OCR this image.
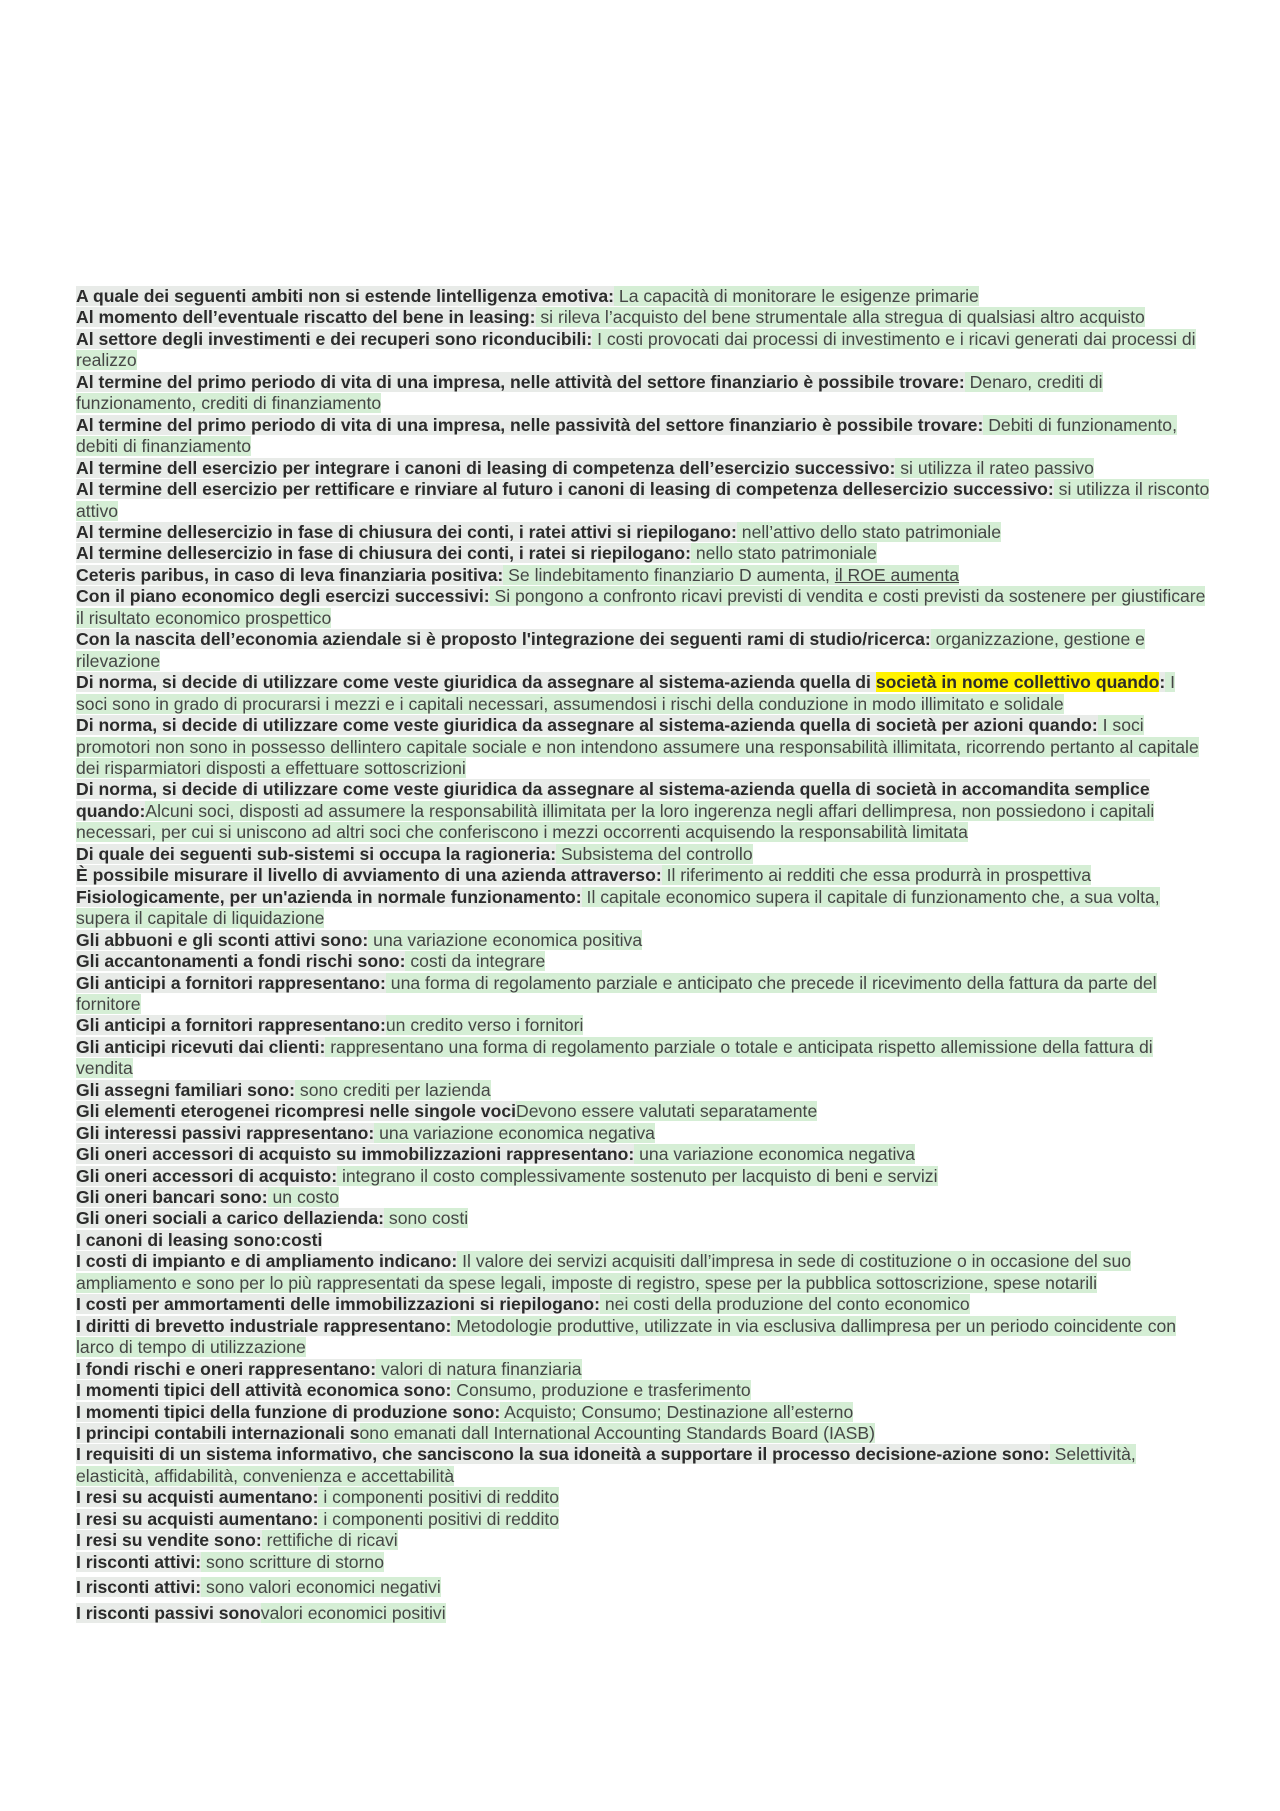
A quale dei seguenti ambiti non si estende lintelligenza emotiva: La capacità di monitorare le esigenze primarie

Al momento dell’eventuale riscatto del bene in leasing: si rileva l’acquisto del bene strumentale alla stregua di qualsiasi altro acquisto

Al settore degli investimenti e dei recuperi sono riconducibili: I costi provocati dai processi di investimento e i ricavi generati dai processi di realizzo

Al termine del primo periodo di vita di una impresa, nelle attività del settore finanziario è possibile trovare: Denaro, crediti di funzionamento, crediti di finanziamento

Al termine del primo periodo di vita di una impresa, nelle passività del settore finanziario è possibile trovare: Debiti di funzionamento, debiti di finanziamento

Al termine dell esercizio per integrare i canoni di leasing di competenza dell’esercizio successivo: si utilizza il rateo passivo

Al termine dell esercizio per rettificare e rinviare al futuro i canoni di leasing di competenza dellesercizio successivo: si utilizza il risconto attivo

Al termine dellesercizio in fase di chiusura dei conti, i ratei attivi si riepilogano: nell’attivo dello stato patrimoniale

Al termine dellesercizio in fase di chiusura dei conti, i ratei si riepilogano: nello stato patrimoniale

Ceteris paribus, in caso di leva finanziaria positiva: Se lindebitamento finanziario D aumenta, il ROE aumenta

Con il piano economico degli esercizi successivi: Si pongono a confronto ricavi previsti di vendita e costi previsti da sostenere per giustificare il risultato economico prospettico

Con la nascita dell’economia aziendale si è proposto l'integrazione dei seguenti rami di studio/ricerca: organizzazione, gestione e rilevazione

Di norma, si decide di utilizzare come veste giuridica da assegnare al sistema-azienda quella di società in nome collettivo quando: I soci sono in grado di procurarsi i mezzi e i capitali necessari, assumendosi i rischi della conduzione in modo illimitato e solidale

Di norma, si decide di utilizzare come veste giuridica da assegnare al sistema-azienda quella di società per azioni quando: I soci promotori non sono in possesso dellintero capitale sociale e non intendono assumere una responsabilità illimitata, ricorrendo pertanto al capitale dei risparmiatori disposti a effettuare sottoscrizioni

Di norma, si decide di utilizzare come veste giuridica da assegnare al sistema-azienda quella di società in accomandita semplice quando:Alcuni soci, disposti ad assumere la responsabilità illimitata per la loro ingerenza negli affari dellimpresa, non possiedono i capitali necessari, per cui si uniscono ad altri soci che conferiscono i mezzi occorrenti acquisendo la responsabilità limitata

Di quale dei seguenti sub-sistemi si occupa la ragioneria: Subsistema del controllo

È possibile misurare il livello di avviamento di una azienda attraverso: Il riferimento ai redditi che essa produrrà in prospettiva

Fisiologicamente, per un'azienda in normale funzionamento: Il capitale economico supera il capitale di funzionamento che, a sua volta, supera il capitale di liquidazione

Gli abbuoni e gli sconti attivi sono: una variazione economica positiva

Gli accantonamenti a fondi rischi sono: costi da integrare

Gli anticipi a fornitori rappresentano: una forma di regolamento parziale e anticipato che precede il ricevimento della fattura da parte del fornitore

Gli anticipi a fornitori rappresentano:un credito verso i fornitori

Gli anticipi ricevuti dai clienti: rappresentano una forma di regolamento parziale o totale e anticipata rispetto allemissione della fattura di vendita

Gli assegni familiari sono: sono crediti per lazienda

Gli elementi eterogenei ricompresi nelle singole vociDevono essere valutati separatamente

Gli interessi passivi rappresentano: una variazione economica negativa

Gli oneri accessori di acquisto su immobilizzazioni rappresentano: una variazione economica negativa

Gli oneri accessori di acquisto: integrano il costo complessivamente sostenuto per lacquisto di beni e servizi

Gli oneri bancari sono: un costo

Gli oneri sociali a carico dellazienda: sono costi

I canoni di leasing sono:costi

I costi di impianto e di ampliamento indicano: Il valore dei servizi acquisiti dall’impresa in sede di costituzione o in occasione del suo ampliamento e sono per lo più rappresentati da spese legali, imposte di registro, spese per la pubblica sottoscrizione, spese notarili

I costi per ammortamenti delle immobilizzazioni si riepilogano: nei costi della produzione del conto economico

I diritti di brevetto industriale rappresentano: Metodologie produttive, utilizzate in via esclusiva dallimpresa per un periodo coincidente con larco di tempo di utilizzazione

I fondi rischi e oneri rappresentano: valori di natura finanziaria

I momenti tipici dell attività economica sono: Consumo, produzione e trasferimento

I momenti tipici della funzione di produzione sono: Acquisto; Consumo; Destinazione all’esterno

I principi contabili internazionali sono emanati dall International Accounting Standards Board (IASB)

I requisiti di un sistema informativo, che sanciscono la sua idoneità a supportare il processo decisione-azione sono: Selettività, elasticità, affidabilità, convenienza e accettabilità

I resi su acquisti aumentano: i componenti positivi di reddito

I resi su acquisti aumentano: i componenti positivi di reddito

I resi su vendite sono: rettifiche di ricavi

I risconti attivi: sono scritture di storno

I risconti attivi: sono valori economici negativi

I risconti passivi sonovalori economici positivi
